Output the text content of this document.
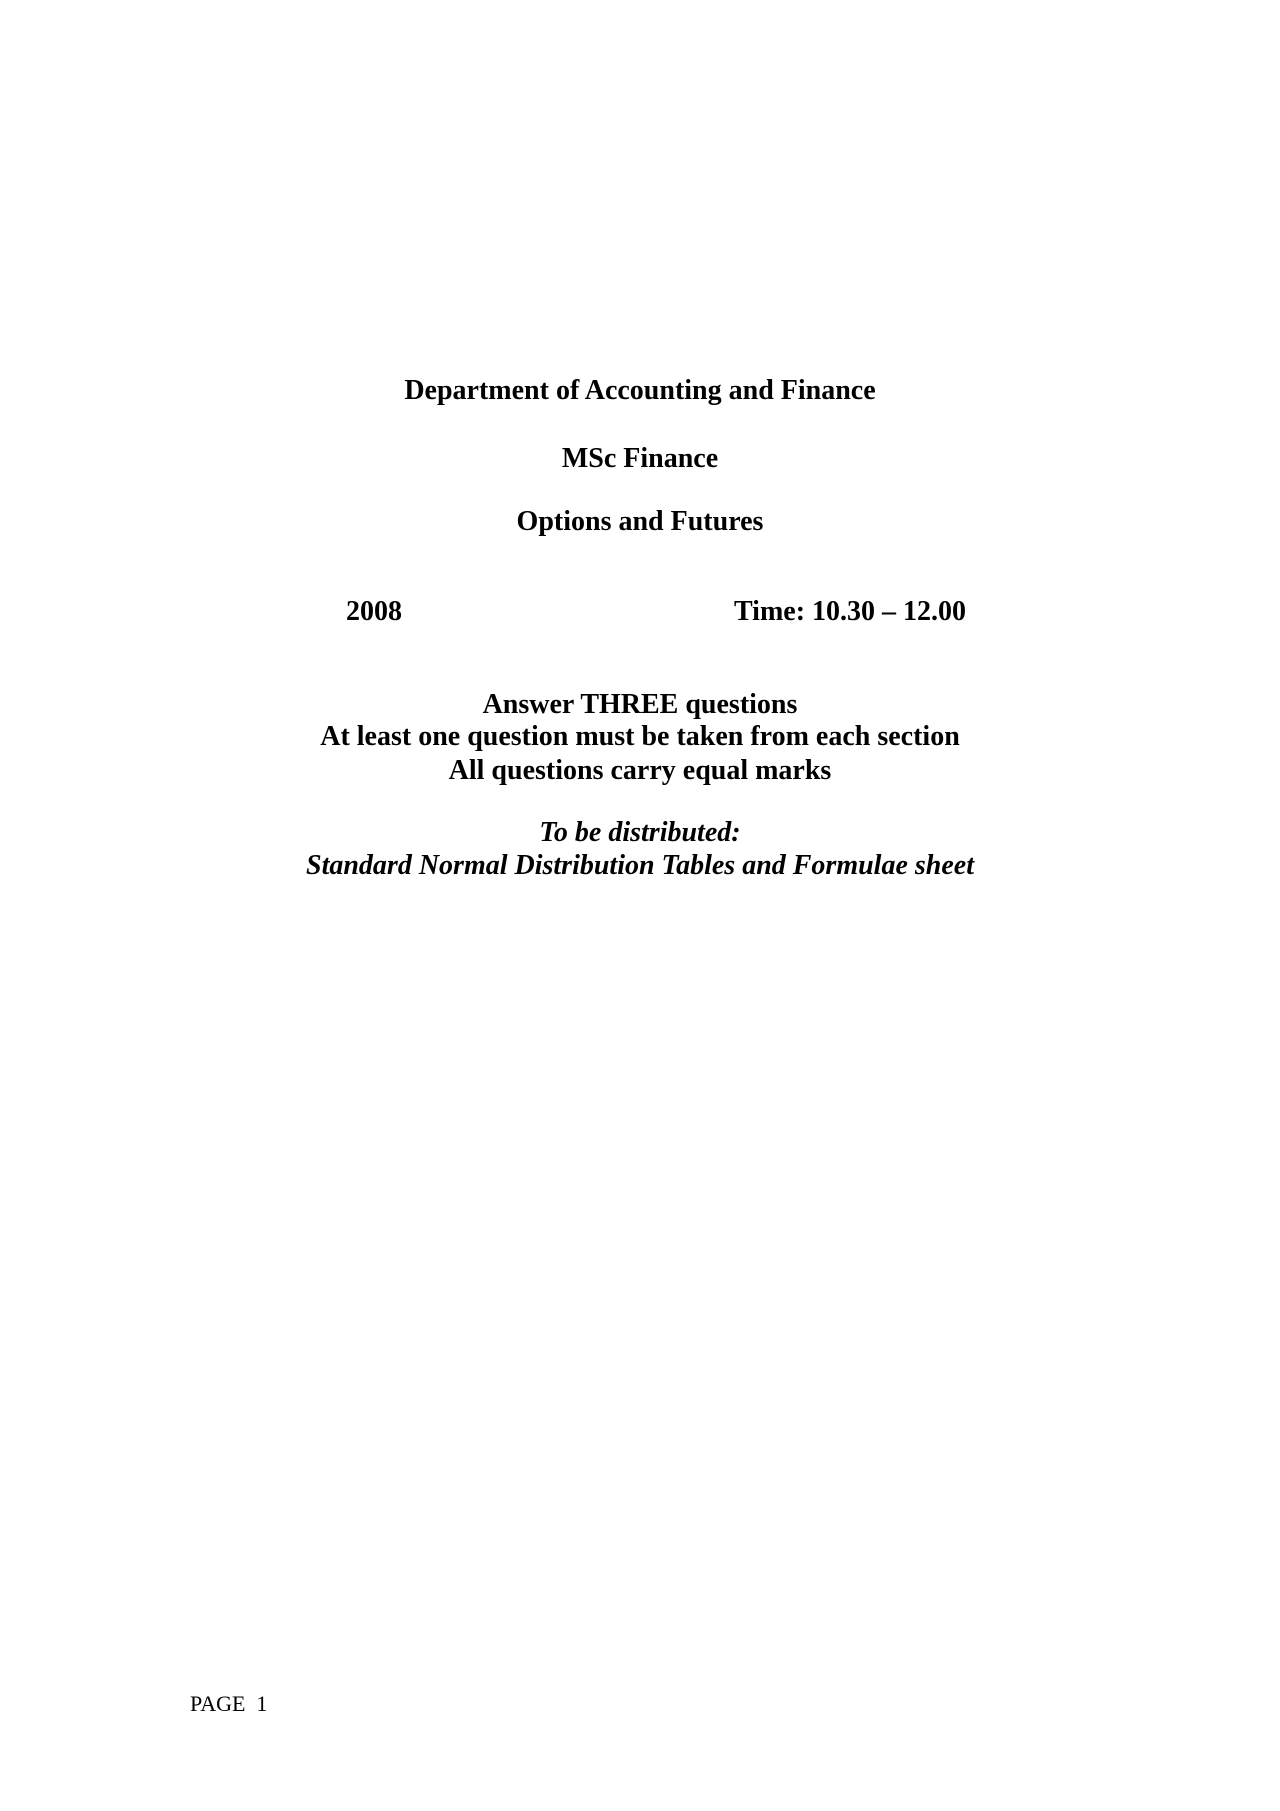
Department of Accounting and Finance
MSc Finance
Options and Futures
2008	Time: 10.30 – 12.00
Answer THREE questions
At least one question must be taken from each section
All questions carry equal marks
To be distributed:
Standard Normal Distribution Tables and Formulae sheet
PAGE  1
